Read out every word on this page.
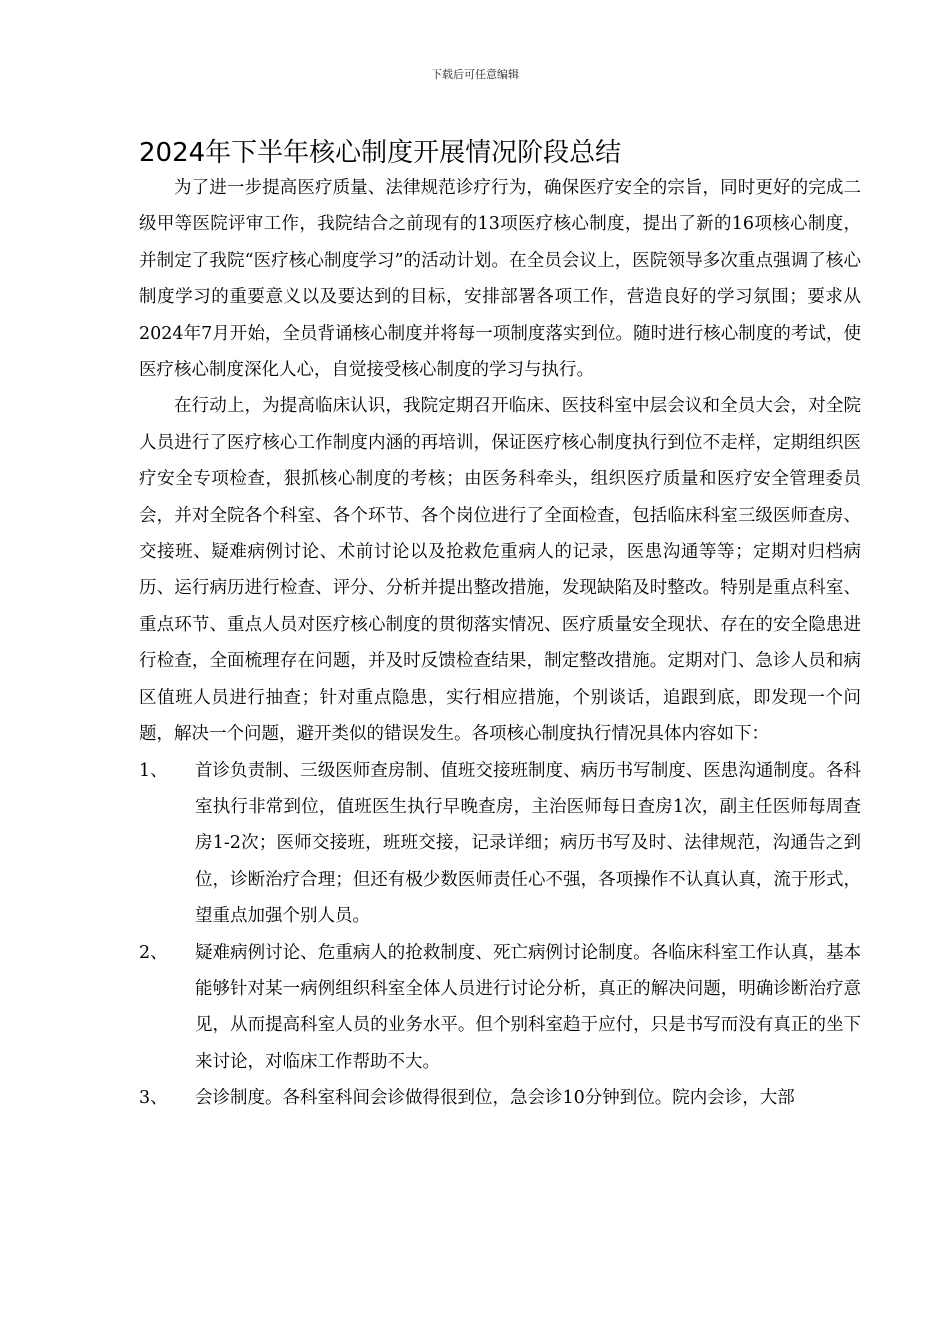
下载后可任意编辑
2024年下半年核心制度开展情况阶段总结

为了进一步提高医疗质量、法律规范诊疗行为，确保医疗安全的宗旨，同时更好的完成二级甲等医院评审工作，我院结合之前现有的13项医疗核心制度，提出了新的16项核心制度，并制定了我院“医疗核心制度学习”的活动计划。在全员会议上，医院领导多次重点强调了核心制度学习的重要意义以及要达到的目标，安排部署各项工作，营造良好的学习氛围；要求从2024年7月开始，全员背诵核心制度并将每一项制度落实到位。随时进行核心制度的考试，使医疗核心制度深化人心，自觉接受核心制度的学习与执行。

在行动上，为提高临床认识，我院定期召开临床、医技科室中层会议和全员大会，对全院人员进行了医疗核心工作制度内涵的再培训，保证医疗核心制度执行到位不走样，定期组织医疗安全专项检查，狠抓核心制度的考核；由医务科牵头，组织医疗质量和医疗安全管理委员会，并对全院各个科室、各个环节、各个岗位进行了全面检查，包括临床科室三级医师查房、交接班、疑难病例讨论、术前讨论以及抢救危重病人的记录，医患沟通等等；定期对归档病历、运行病历进行检查、评分、分析并提出整改措施，发现缺陷及时整改。特别是重点科室、重点环节、重点人员对医疗核心制度的贯彻落实情况、医疗质量安全现状、存在的安全隐患进行检查，全面梳理存在问题，并及时反馈检查结果，制定整改措施。定期对门、急诊人员和病区值班人员进行抽查；针对重点隐患，实行相应措施，个别谈话，追跟到底，即发现一个问题，解决一个问题，避开类似的错误发生。各项核心制度执行情况具体内容如下：

1、	首诊负责制、三级医师查房制、值班交接班制度、病历书写制度、医患沟通制度。各科室执行非常到位，值班医生执行早晚查房，主治医师每日查房1次，副主任医师每周查房1-2次；医师交接班，班班交接，记录详细；病历书写及时、法律规范，沟通告之到位，诊断治疗合理；但还有极少数医师责任心不强，各项操作不认真认真，流于形式，望重点加强个别人员。
2、	疑难病例讨论、危重病人的抢救制度、死亡病例讨论制度。各临床科室工作认真，基本能够针对某一病例组织科室全体人员进行讨论分析，真正的解决问题，明确诊断治疗意见，从而提高科室人员的业务水平。但个别科室趋于应付，只是书写而没有真正的坐下来讨论，对临床工作帮助不大。
3、	会诊制度。各科室科间会诊做得很到位，急会诊10分钟到位。院内会诊，大部
